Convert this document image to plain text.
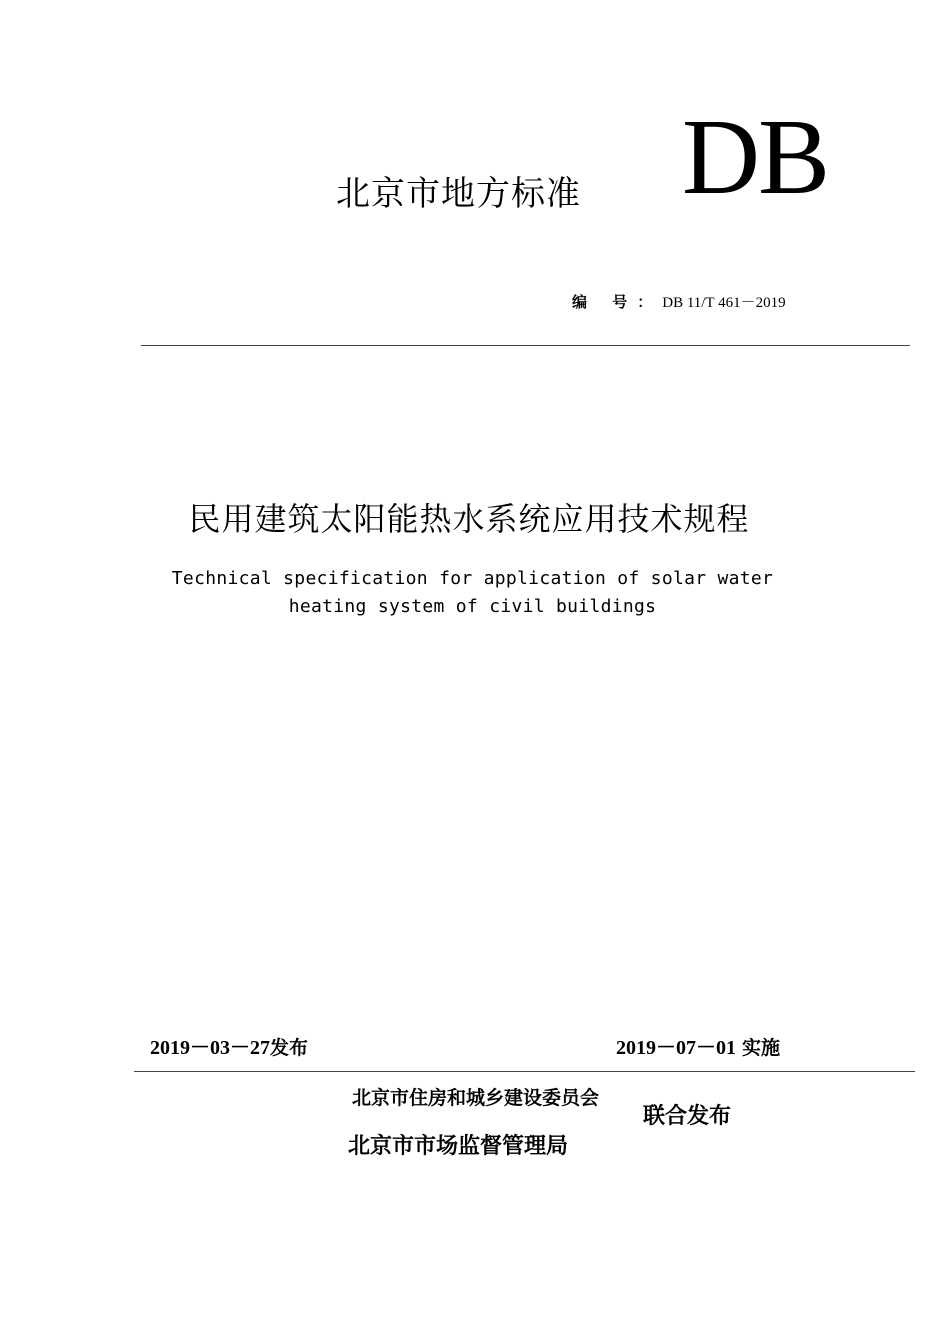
北京市地方标准 DB
编 号：DB 11/T 461－2019
民用建筑太阳能热水系统应用技术规程
Technical specification for application of solar water
heating system of civil buildings
2019－03－27发布	2019－07－01 实施
北京市住房和城乡建设委员会
北京市市场监督管理局
联合发布
